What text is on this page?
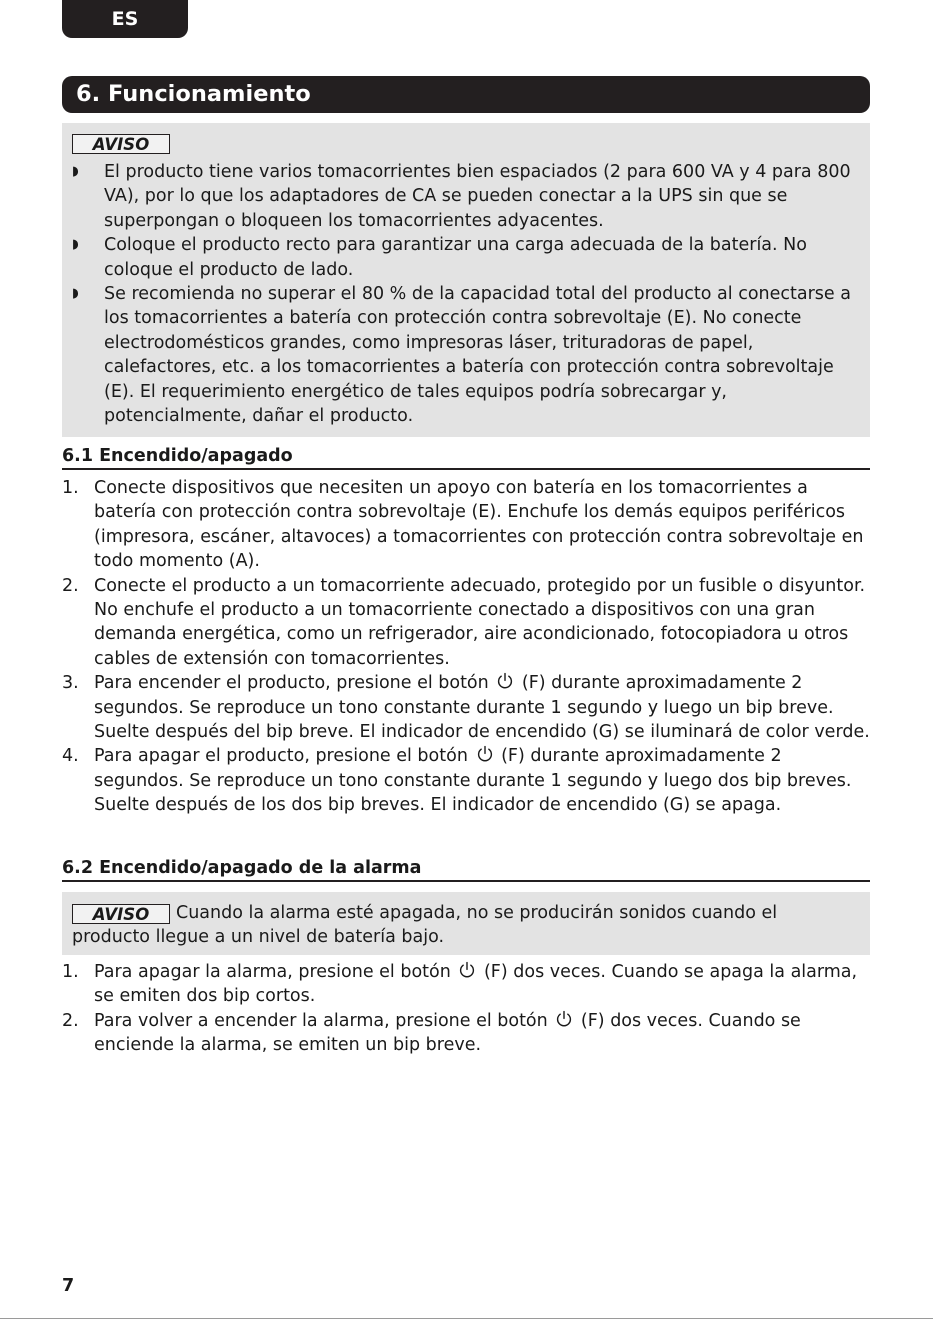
ES
6. Funcionamiento
AVISO
◗ El producto tiene varios tomacorrientes bien espaciados (2 para 600 VA y 4 para 800 VA), por lo que los adaptadores de CA se pueden conectar a la UPS sin que se superpongan o bloqueen los tomacorrientes adyacentes.
◗ Coloque el producto recto para garantizar una carga adecuada de la batería. No coloque el producto de lado.
◗ Se recomienda no superar el 80 % de la capacidad total del producto al conectarse a los tomacorrientes a batería con protección contra sobrevoltaje (E). No conecte electrodomésticos grandes, como impresoras láser, trituradoras de papel, calefactores, etc. a los tomacorrientes a batería con protección contra sobrevoltaje (E). El requerimiento energético de tales equipos podría sobrecargar y, potencialmente, dañar el producto.
6.1 Encendido/apagado
1. Conecte dispositivos que necesiten un apoyo con batería en los tomacorrientes a batería con protección contra sobrevoltaje (E). Enchufe los demás equipos periféricos (impresora, escáner, altavoces) a tomacorrientes con protección contra sobrevoltaje en todo momento (A).
2. Conecte el producto a un tomacorriente adecuado, protegido por un fusible o disyuntor. No enchufe el producto a un tomacorriente conectado a dispositivos con una gran demanda energética, como un refrigerador, aire acondicionado, fotocopiadora u otros cables de extensión con tomacorrientes.
3. Para encender el producto, presione el botón (F) durante aproximadamente 2 segundos. Se reproduce un tono constante durante 1 segundo y luego un bip breve. Suelte después del bip breve. El indicador de encendido (G) se iluminará de color verde.
4. Para apagar el producto, presione el botón (F) durante aproximadamente 2 segundos. Se reproduce un tono constante durante 1 segundo y luego dos bip breves. Suelte después de los dos bip breves. El indicador de encendido (G) se apaga.
6.2 Encendido/apagado de la alarma
AVISO Cuando la alarma esté apagada, no se producirán sonidos cuando el producto llegue a un nivel de batería bajo.
1. Para apagar la alarma, presione el botón (F) dos veces. Cuando se apaga la alarma, se emiten dos bip cortos.
2. Para volver a encender la alarma, presione el botón (F) dos veces. Cuando se enciende la alarma, se emiten un bip breve.
7
